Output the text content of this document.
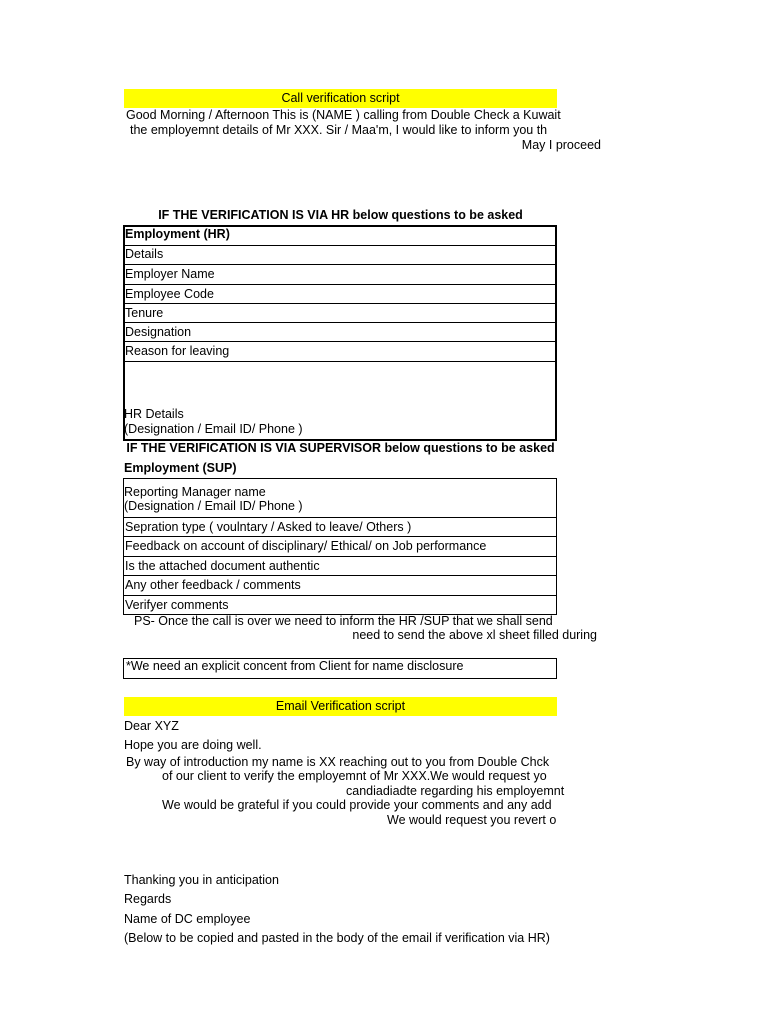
Call verification script
Good Morning / Afternoon This is (NAME ) calling from Double Check a Kuwait
the employemnt details of Mr XXX. Sir / Maa'm, I would like to inform you th
May I proceed
IF THE VERIFICATION IS VIA HR below questions to be asked
Employment (HR)
Details
Employer Name
Employee Code
Tenure
Designation
Reason for leaving
HR Details
(Designation / Email ID/ Phone )
IF THE VERIFICATION IS VIA SUPERVISOR below questions to be asked
Employment (SUP)
Reporting Manager name
(Designation / Email ID/ Phone )
Sepration type ( voulntary / Asked to leave/ Others )
Feedback on account of disciplinary/ Ethical/ on Job performance
Is the attached document authentic
Any other feedback / comments
Verifyer comments
PS- Once the call is over we need to inform the HR /SUP that we shall send
need to send the above xl sheet filled during
*We need an explicit concent from Client for name disclosure
Email Verification script
Dear XYZ
Hope you are doing well.
By way of introduction my name is XX reaching out to you from Double Chck
of our client to verify the employemnt of Mr XXX.We would request yo
candiadiadte regarding his employemnt
We would be grateful if you could provide your comments and any add
We would request you revert o
Thanking you in anticipation
Regards
Name of DC employee
(Below to be copied and pasted in the body of the email if verification via HR)
